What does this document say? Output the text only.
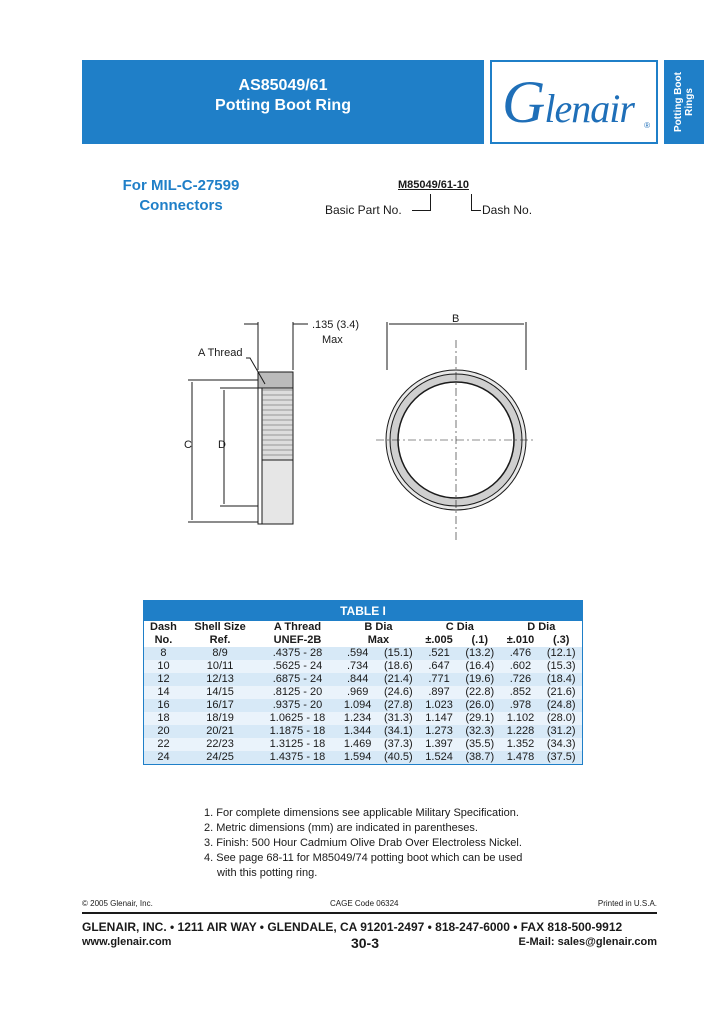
AS85049/61
Potting Boot Ring	Glenair ® Potting Boot Rings
For MIL-C-27599
Connectors
M85049/61-10
Basic Part No.	Dash No.
A Thread
.135 (3.4)
Max
C D
B
TABLE I
Dash	Shell Size	A Thread	B Dia		C Dia		D Dia	
No.	Ref.	UNEF-2B	Max		±.005	(.1)	±.010	(.3)
8	8/9	.4375 - 28	.594	(15.1)	.521	(13.2)	.476	(12.1)
10	10/11	.5625 - 24	.734	(18.6)	.647	(16.4)	.602	(15.3)
12	12/13	.6875 - 24	.844	(21.4)	.771	(19.6)	.726	(18.4)
14	14/15	.8125 - 20	.969	(24.6)	.897	(22.8)	.852	(21.6)
16	16/17	.9375 - 20	1.094	(27.8)	1.023	(26.0)	.978	(24.8)
18	18/19	1.0625 - 18	1.234	(31.3)	1.147	(29.1)	1.102	(28.0)
20	20/21	1.1875 - 18	1.344	(34.1)	1.273	(32.3)	1.228	(31.2)
22	22/23	1.3125 - 18	1.469	(37.3)	1.397	(35.5)	1.352	(34.3)
24	24/25	1.4375 - 18	1.594	(40.5)	1.524	(38.7)	1.478	(37.5)
1. For complete dimensions see applicable Military Specification.
2. Metric dimensions (mm) are indicated in parentheses.
3. Finish: 500 Hour Cadmium Olive Drab Over Electroless Nickel.
4. See page 68-11 for M85049/74 potting boot which can be used
with this potting ring.
© 2005 Glenair, Inc.	CAGE Code 06324	Printed in U.S.A.
GLENAIR, INC. • 1211 AIR WAY • GLENDALE, CA 91201-2497 • 818-247-6000 • FAX 818-500-9912
www.glenair.com	30-3	E-Mail: sales@glenair.com
